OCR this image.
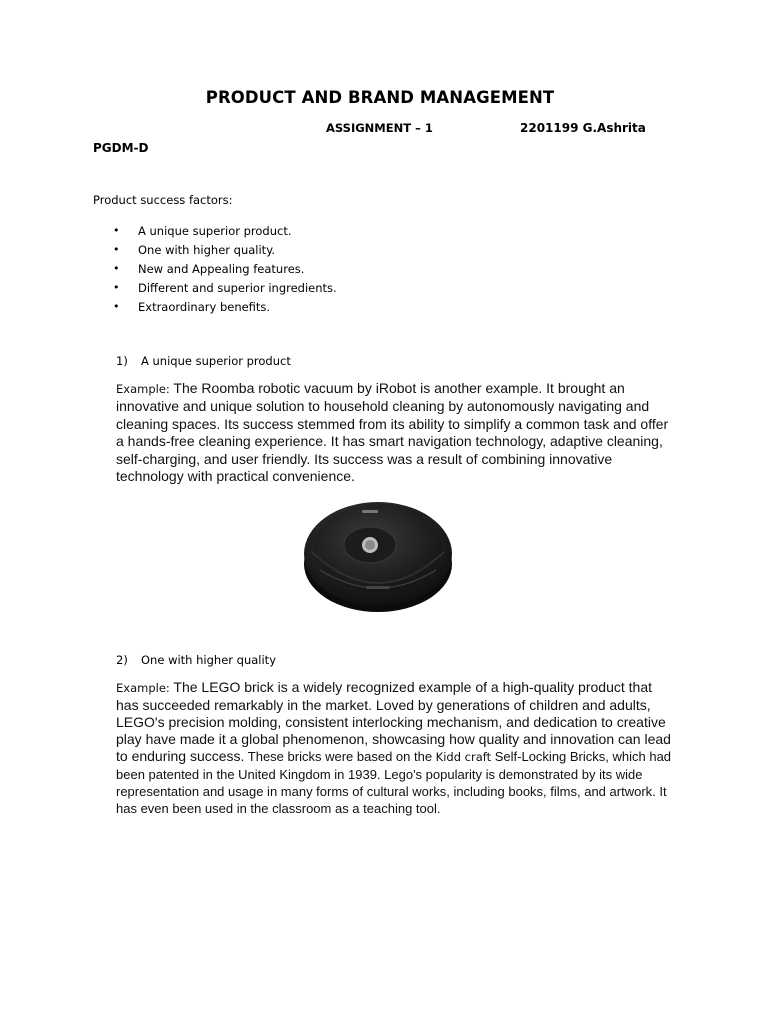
PRODUCT AND BRAND MANAGEMENT
ASSIGNMENT – 1	2201199 G.Ashrita
PGDM-D
Product success factors:
• A unique superior product.
• One with higher quality.
• New and Appealing features.
• Different and superior ingredients.
• Extraordinary benefits.
1) A unique superior product
Example: The Roomba robotic vacuum by iRobot is another example. It brought an innovative and unique solution to household cleaning by autonomously navigating and cleaning spaces. Its success stemmed from its ability to simplify a common task and offer a hands-free cleaning experience. It has smart navigation technology, adaptive cleaning, self-charging, and user friendly. Its success was a result of combining innovative technology with practical convenience.
2) One with higher quality
Example: The LEGO brick is a widely recognized example of a high-quality product that has succeeded remarkably in the market. Loved by generations of children and adults, LEGO's precision molding, consistent interlocking mechanism, and dedication to creative play have made it a global phenomenon, showcasing how quality and innovation can lead to enduring success. These bricks were based on the Kidd craft Self-Locking Bricks, which had been patented in the United Kingdom in 1939. Lego's popularity is demonstrated by its wide representation and usage in many forms of cultural works, including books, films, and artwork. It has even been used in the classroom as a teaching tool.
